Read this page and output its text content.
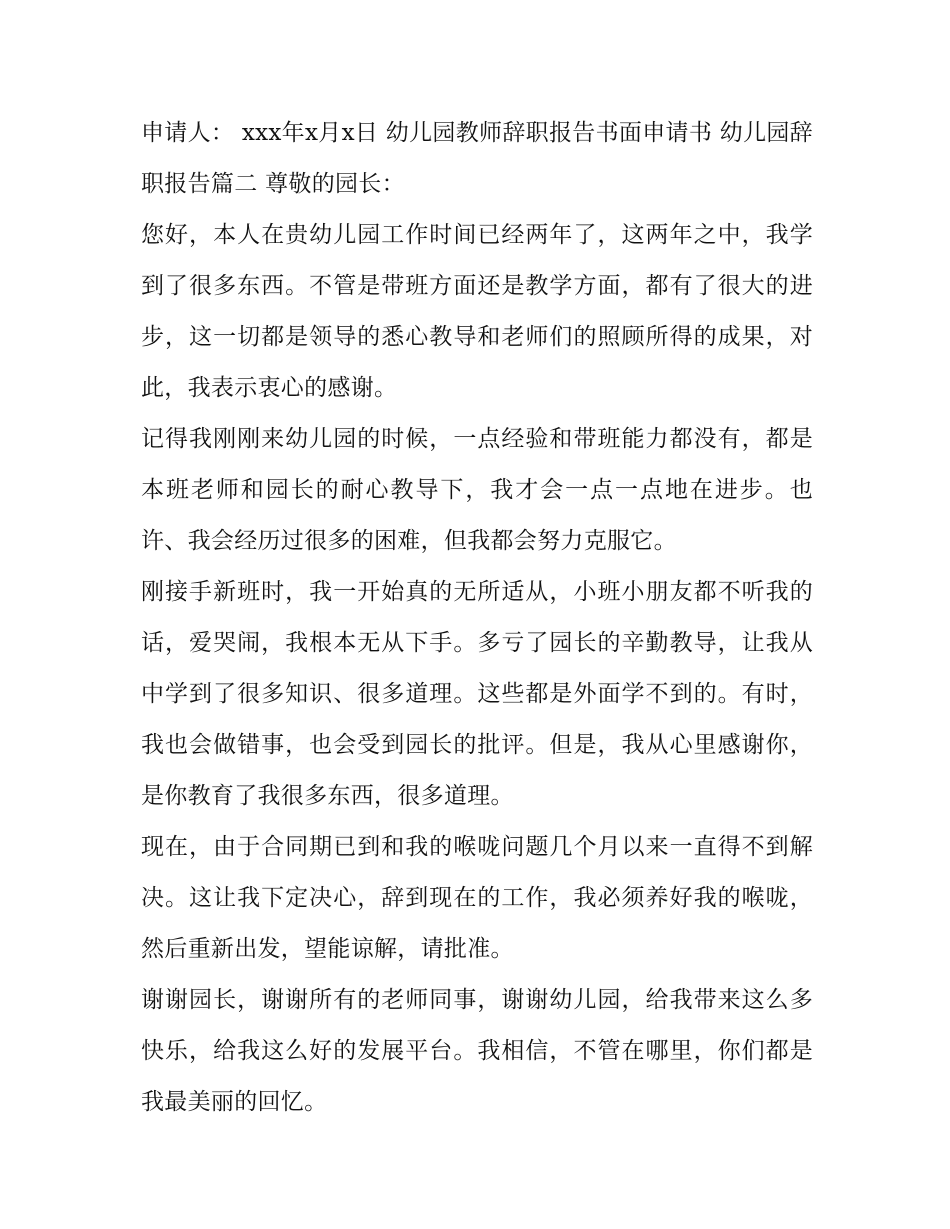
申请人： xxx年x月x日 幼儿园教师辞职报告书面申请书 幼儿园辞职报告篇二 尊敬的园长：

您好，本人在贵幼儿园工作时间已经两年了，这两年之中，我学到了很多东西。不管是带班方面还是教学方面，都有了很大的进步，这一切都是领导的悉心教导和老师们的照顾所得的成果，对此，我表示衷心的感谢。

记得我刚刚来幼儿园的时候，一点经验和带班能力都没有，都是本班老师和园长的耐心教导下，我才会一点一点地在进步。也许、我会经历过很多的困难，但我都会努力克服它。

刚接手新班时，我一开始真的无所适从，小班小朋友都不听我的话，爱哭闹，我根本无从下手。多亏了园长的辛勤教导，让我从中学到了很多知识、很多道理。这些都是外面学不到的。有时，我也会做错事，也会受到园长的批评。但是，我从心里感谢你，是你教育了我很多东西，很多道理。

现在，由于合同期已到和我的喉咙问题几个月以来一直得不到解决。这让我下定决心，辞到现在的工作，我必须养好我的喉咙，然后重新出发，望能谅解，请批准。

谢谢园长，谢谢所有的老师同事，谢谢幼儿园，给我带来这么多快乐，给我这么好的发展平台。我相信，不管在哪里，你们都是我最美丽的回忆。
